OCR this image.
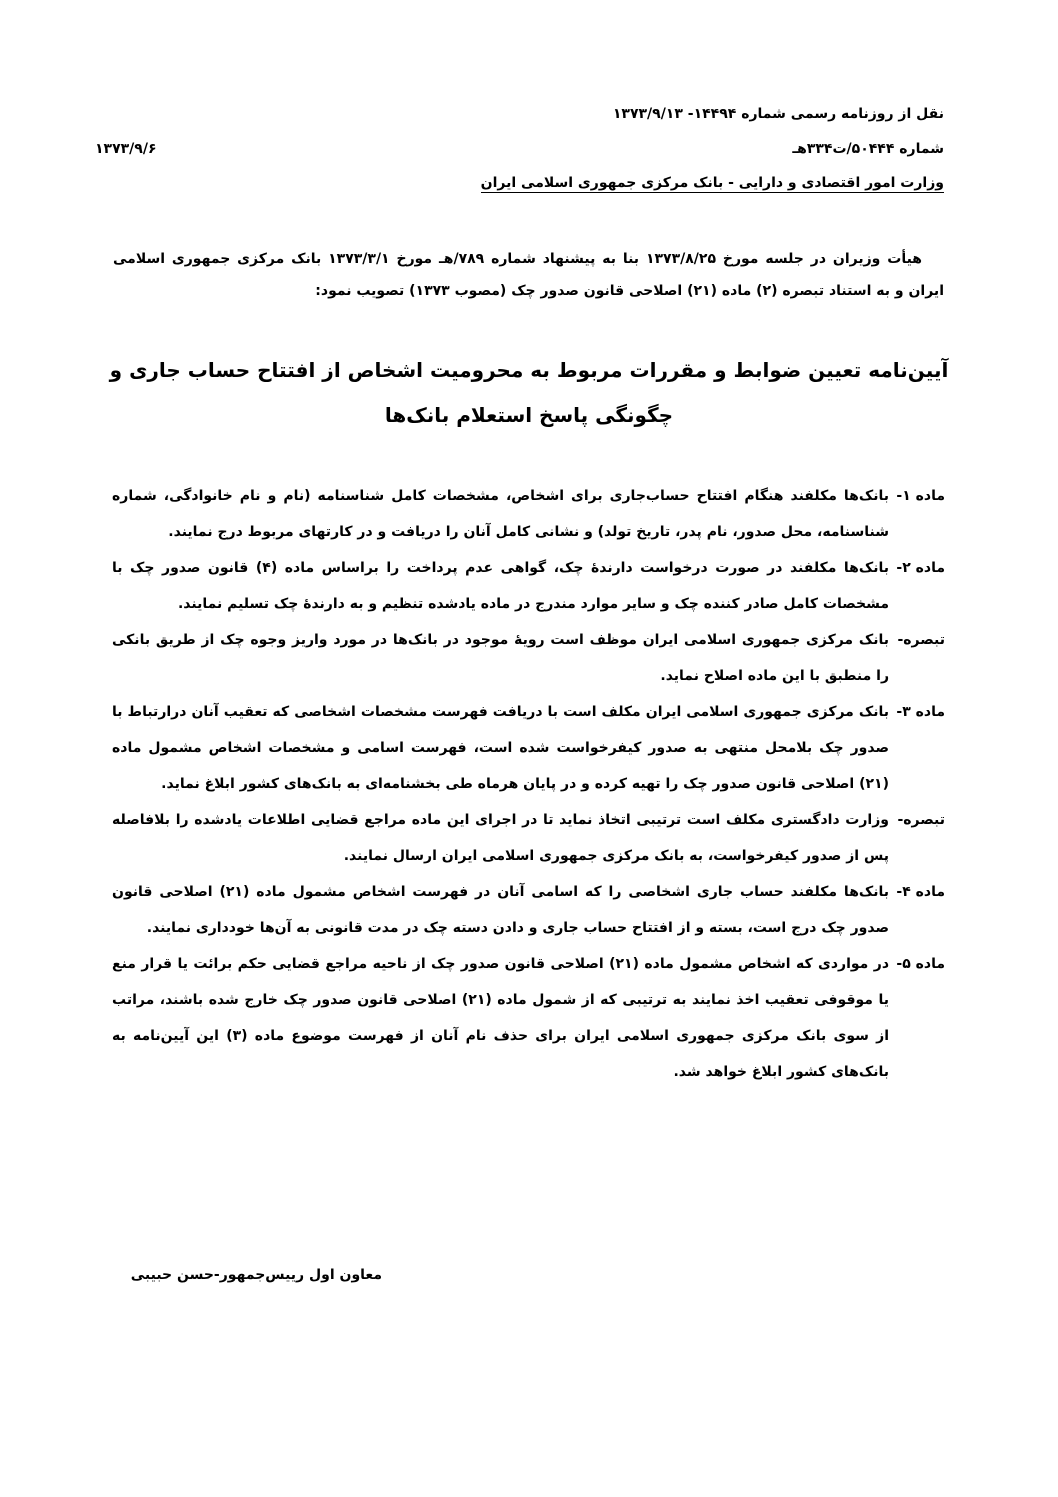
نقل از روزنامه رسمی شماره ۱۴۴۹۴- ۱۳۷۳/۹/۱۳
شماره ۵۰۴۴۴/ت۳۳۴هـ
۱۳۷۳/۹/۶
وزارت امور اقتصادی و دارایی - بانک مرکزی جمهوری اسلامی ایران

هیأت وزیران در جلسه مورخ ۱۳۷۳/۸/۲۵ بنا به پیشنهاد شماره ۷۸۹/هـ مورخ ۱۳۷۳/۳/۱ بانک مرکزی جمهوری اسلامی ایران و به استناد تبصره (۲) ماده (۲۱) اصلاحی قانون صدور چک (مصوب ۱۳۷۳) تصویب نمود:

آیین‌نامه تعیین ضوابط و مقررات مربوط به محرومیت اشخاص از افتتاح حساب جاری و
چگونگی پاسخ استعلام بانک‌ها
ماده ۱-
بانک‌ها مکلفند هنگام افتتاح حساب‌جاری برای اشخاص، مشخصات کامل شناسنامه (نام و نام خانوادگی، شماره شناسنامه، محل صدور، نام پدر، تاریخ تولد) و نشانی کامل آنان را دریافت و در کارتهای مربوط درج نمایند.
ماده ۲-
بانک‌ها مکلفند در صورت درخواست دارندهٔ چک، گواهی عدم پرداخت را براساس ماده (۴) قانون صدور چک با مشخصات کامل صادر کننده چک و سایر موارد مندرج در ماده یادشده تنظیم و به دارندهٔ چک تسلیم نمایند.
تبصره-
بانک مرکزی جمهوری اسلامی ایران موظف است رویهٔ موجود در بانک‌ها در مورد واریز وجوه چک از طریق بانکی را منطبق با این ماده اصلاح نماید.
ماده ۳-
بانک مرکزی جمهوری اسلامی ایران مکلف است با دریافت فهرست مشخصات اشخاصی که تعقیب آنان درارتباط با صدور چک بلامحل منتهی به صدور کیفرخواست شده است، فهرست اسامی و مشخصات اشخاص مشمول ماده (۲۱) اصلاحی قانون صدور چک را تهیه کرده و در پایان هرماه طی بخشنامه‌ای به بانک‌های کشور ابلاغ نماید.
تبصره-
وزارت دادگستری مکلف است ترتیبی اتخاذ نماید تا در اجرای این ماده مراجع قضایی اطلاعات یادشده را بلافاصله پس از صدور کیفرخواست، به بانک مرکزی جمهوری اسلامی ایران ارسال نمایند.
ماده ۴-
بانک‌ها مکلفند حساب جاری اشخاصی را که اسامی آنان در فهرست اشخاص مشمول ماده (۲۱) اصلاحی قانون صدور چک درج است، بسته و از افتتاح حساب جاری و دادن دسته چک در مدت قانونی به آن‌ها خودداری نمایند.
ماده ۵-
در مواردی که اشخاص مشمول ماده (۲۱) اصلاحی قانون صدور چک از ناحیه مراجع قضایی حکم برائت یا قرار منع یا موقوفی تعقیب اخذ نمایند به ترتیبی که از شمول ماده (۲۱) اصلاحی قانون صدور چک خارج شده باشند، مراتب از سوی بانک مرکزی جمهوری اسلامی ایران برای حذف نام آنان از فهرست موضوع ماده (۳) این آیین‌نامه به بانک‌های کشور ابلاغ خواهد شد.
معاون اول رییس‌جمهور-حسن حبیبی
